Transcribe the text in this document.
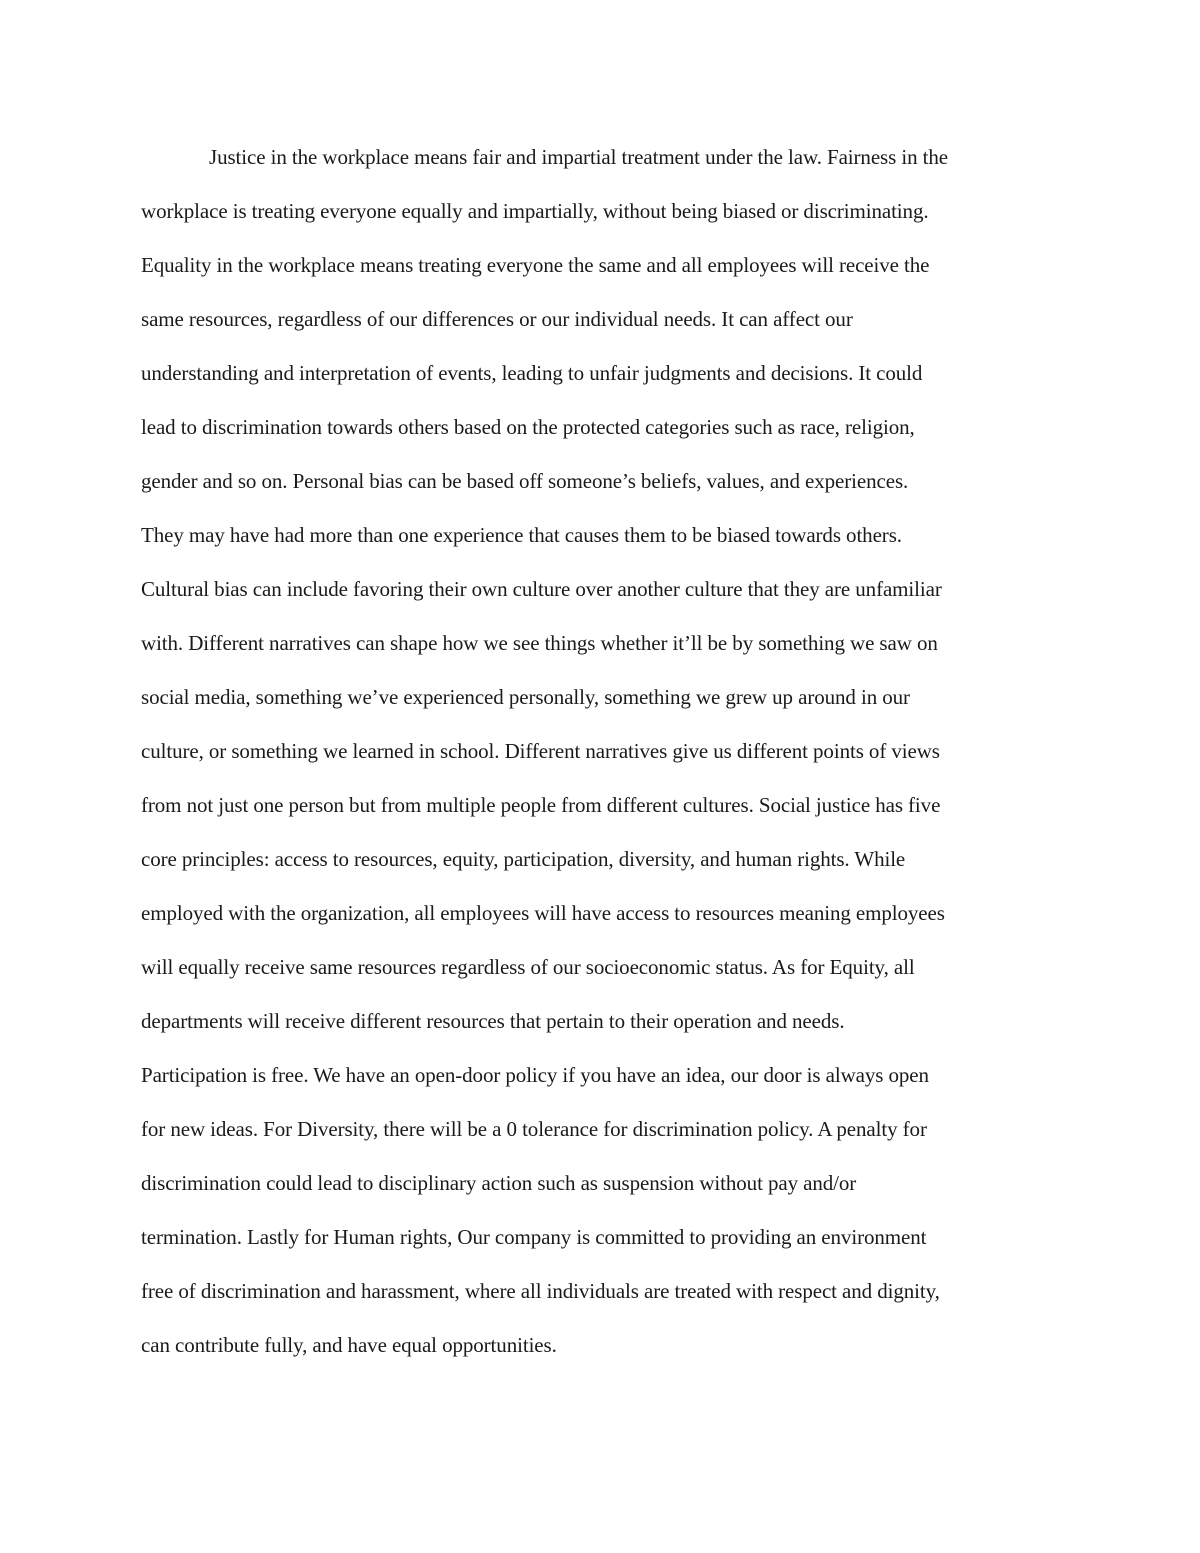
Justice in the workplace means fair and impartial treatment under the law. Fairness in the
workplace is treating everyone equally and impartially, without being biased or discriminating.
Equality in the workplace means treating everyone the same and all employees will receive the
same resources, regardless of our differences or our individual needs. It can affect our
understanding and interpretation of events, leading to unfair judgments and decisions. It could
lead to discrimination towards others based on the protected categories such as race, religion,
gender and so on. Personal bias can be based off someone’s beliefs, values, and experiences.
They may have had more than one experience that causes them to be biased towards others.
Cultural bias can include favoring their own culture over another culture that they are unfamiliar
with. Different narratives can shape how we see things whether it’ll be by something we saw on
social media, something we’ve experienced personally, something we grew up around in our
culture, or something we learned in school. Different narratives give us different points of views
from not just one person but from multiple people from different cultures. Social justice has five
core principles: access to resources, equity, participation, diversity, and human rights. While
employed with the organization, all employees will have access to resources meaning employees
will equally receive same resources regardless of our socioeconomic status. As for Equity, all
departments will receive different resources that pertain to their operation and needs.
Participation is free. We have an open-door policy if you have an idea, our door is always open
for new ideas. For Diversity, there will be a 0 tolerance for discrimination policy. A penalty for
discrimination could lead to disciplinary action such as suspension without pay and/or
termination. Lastly for Human rights, Our company is committed to providing an environment
free of discrimination and harassment, where all individuals are treated with respect and dignity,
can contribute fully, and have equal opportunities.
